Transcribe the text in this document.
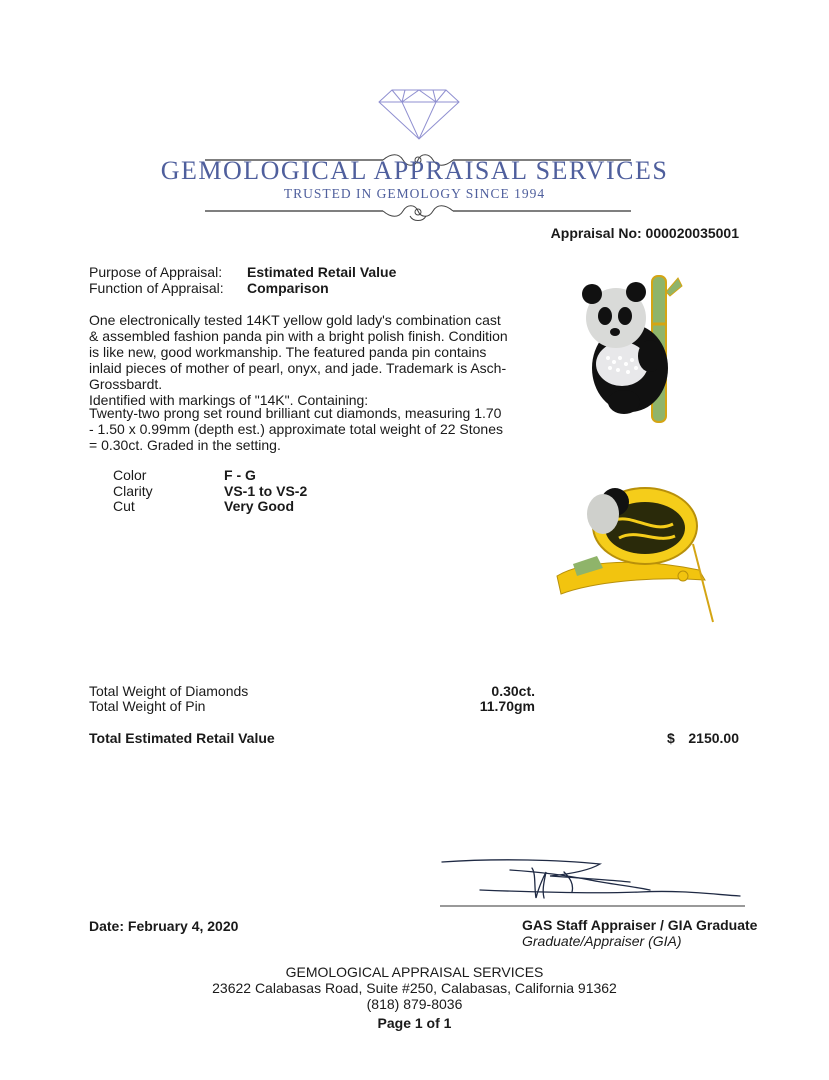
GEMOLOGICAL APPRAISAL SERVICES
TRUSTED IN GEMOLOGY SINCE 1994
Appraisal No: 000020035001
Purpose of Appraisal: Estimated Retail Value
Function of Appraisal: Comparison
One electronically tested 14KT yellow gold lady's combination cast
& assembled fashion panda pin with a bright polish finish. Condition
is like new, good workmanship. The featured panda pin contains
inlaid pieces of mother of pearl, onyx, and jade. Trademark is Asch-Grossbardt.
Identified with markings of "14K". Containing:
Twenty-two prong set round brilliant cut diamonds, measuring 1.70
- 1.50 x 0.99mm (depth est.) approximate total weight of 22 Stones
= 0.30ct. Graded in the setting.
Color	F - G
Clarity	VS-1 to VS-2
Cut	Very Good
Total Weight of Diamonds	0.30ct.
Total Weight of Pin	11.70gm
Total Estimated Retail Value	$ 2150.00
Date: February 4, 2020	GAS Staff Appraiser / GIA Graduate
Graduate/Appraiser (GIA)
GEMOLOGICAL APPRAISAL SERVICES
23622 Calabasas Road, Suite #250, Calabasas, California 91362
(818) 879-8036
Page 1 of 1
